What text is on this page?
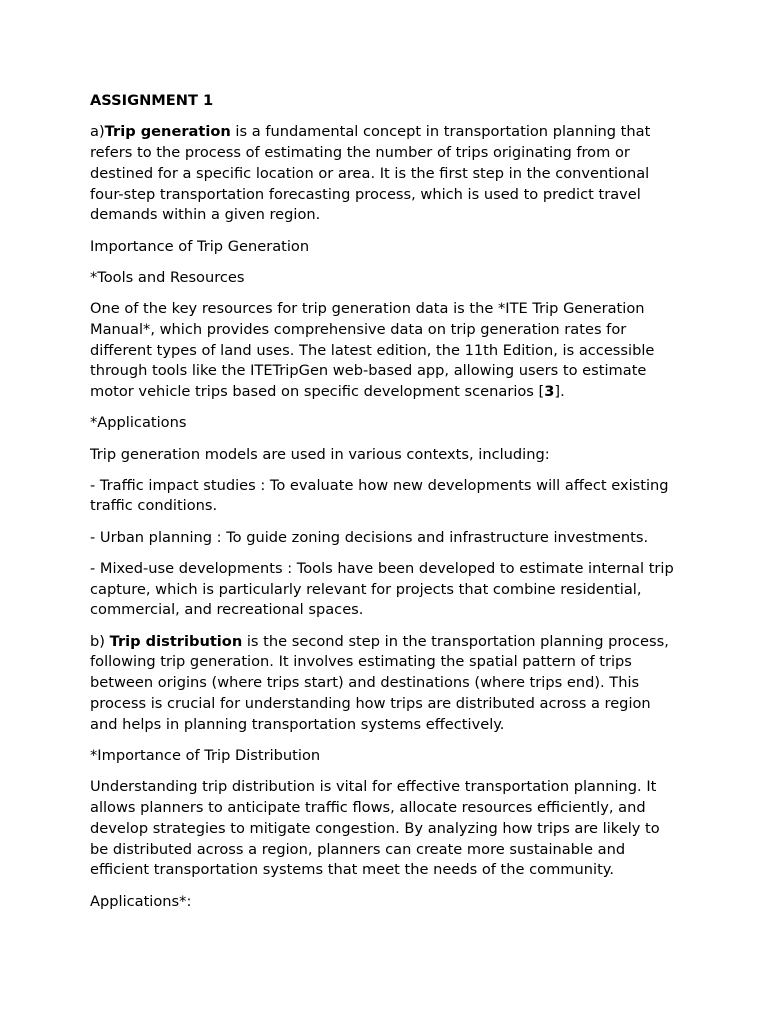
ASSIGNMENT 1

a)Trip generation is a fundamental concept in transportation planning that refers to the process of estimating the number of trips originating from or destined for a specific location or area. It is the first step in the conventional four-step transportation forecasting process, which is used to predict travel demands within a given region.

Importance of Trip Generation

*Tools and Resources

One of the key resources for trip generation data is the *ITE Trip Generation Manual*, which provides comprehensive data on trip generation rates for different types of land uses. The latest edition, the 11th Edition, is accessible through tools like the ITETripGen web-based app, allowing users to estimate motor vehicle trips based on specific development scenarios [3].

*Applications

Trip generation models are used in various contexts, including:

- Traffic impact studies : To evaluate how new developments will affect existing traffic conditions.

- Urban planning : To guide zoning decisions and infrastructure investments.

- Mixed-use developments : Tools have been developed to estimate internal trip capture, which is particularly relevant for projects that combine residential, commercial, and recreational spaces.

b) Trip distribution is the second step in the transportation planning process, following trip generation. It involves estimating the spatial pattern of trips between origins (where trips start) and destinations (where trips end). This process is crucial for understanding how trips are distributed across a region and helps in planning transportation systems effectively.

*Importance of Trip Distribution

Understanding trip distribution is vital for effective transportation planning. It allows planners to anticipate traffic flows, allocate resources efficiently, and develop strategies to mitigate congestion. By analyzing how trips are likely to be distributed across a region, planners can create more sustainable and efficient transportation systems that meet the needs of the community.

Applications*:
